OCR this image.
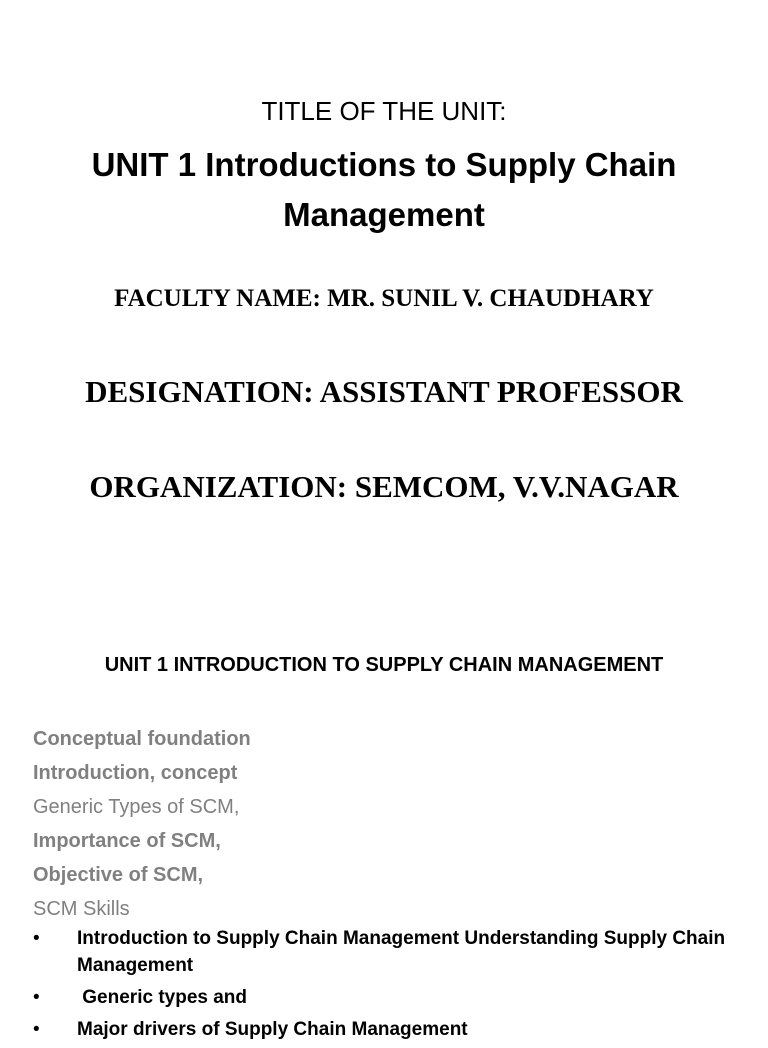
TITLE OF THE UNIT:
UNIT 1 Introductions to Supply Chain Management
FACULTY NAME: MR. SUNIL V. CHAUDHARY
DESIGNATION: ASSISTANT PROFESSOR
ORGANIZATION: SEMCOM, V.V.NAGAR
UNIT 1 INTRODUCTION TO SUPPLY CHAIN MANAGEMENT
Conceptual foundation
Introduction, concept
Generic Types of SCM,
Importance of SCM,
Objective of SCM,
SCM Skills
• Introduction to Supply Chain Management Understanding Supply Chain Management
• Generic types and
• Major drivers of Supply Chain Management
